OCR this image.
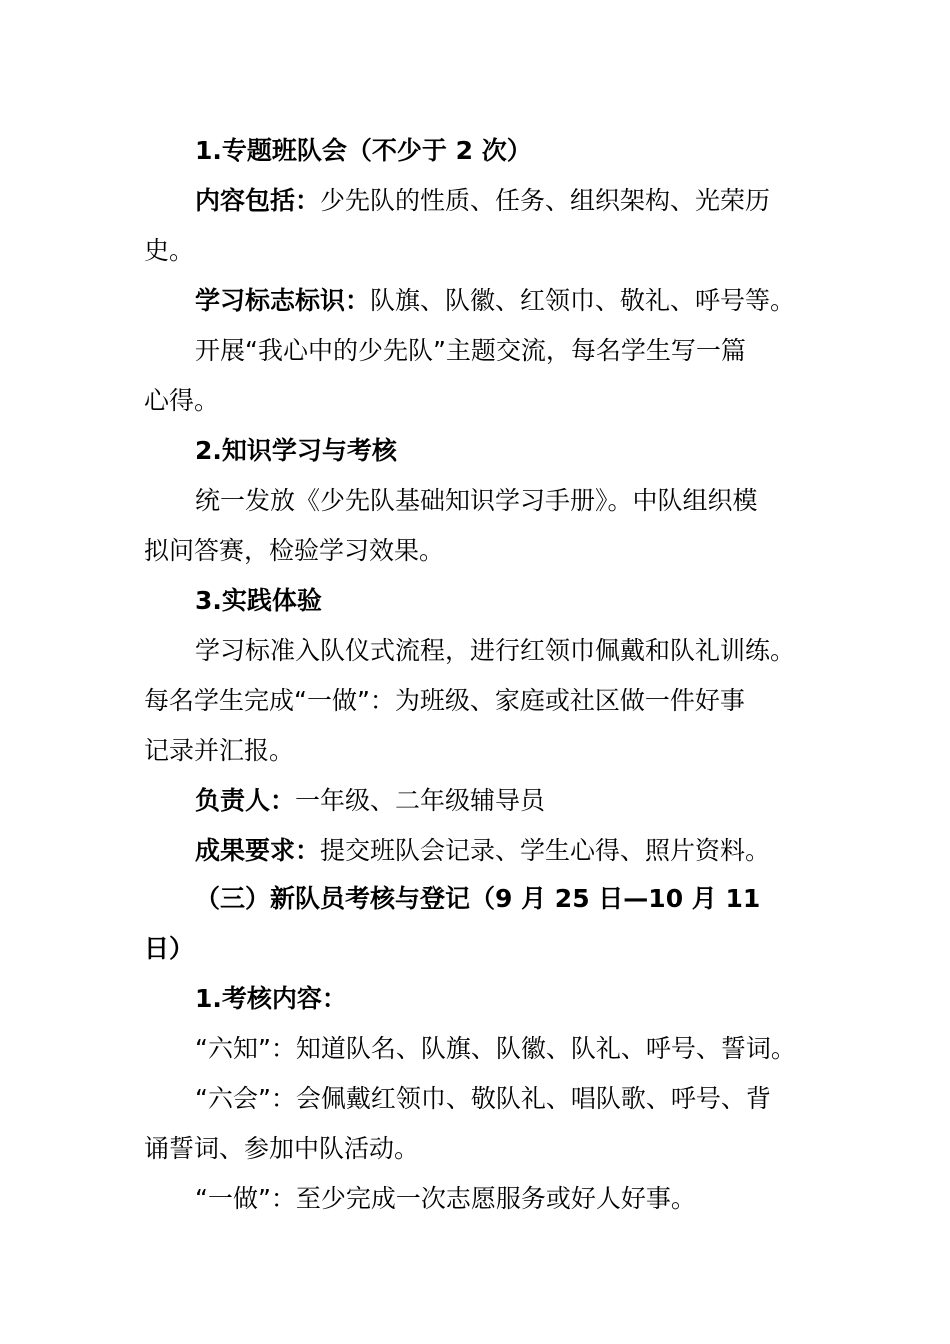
1.专题班队会（不少于 2 次）
内容包括：少先队的性质、任务、组织架构、光荣历
史。
学习标志标识：队旗、队徽、红领巾、敬礼、呼号等。
开展“我心中的少先队”主题交流，每名学生写一篇
心得。
2.知识学习与考核
统一发放《少先队基础知识学习手册》。中队组织模
拟问答赛，检验学习效果。
3.实践体验
学习标准入队仪式流程，进行红领巾佩戴和队礼训练。
每名学生完成“一做”：为班级、家庭或社区做一件好事
记录并汇报。
负责人：一年级、二年级辅导员
成果要求：提交班队会记录、学生心得、照片资料。
（三）新队员考核与登记（9 月 25 日—10 月 11
日）
1.考核内容：
“六知”：知道队名、队旗、队徽、队礼、呼号、誓词。
“六会”：会佩戴红领巾、敬队礼、唱队歌、呼号、背
诵誓词、参加中队活动。
“一做”：至少完成一次志愿服务或好人好事。
